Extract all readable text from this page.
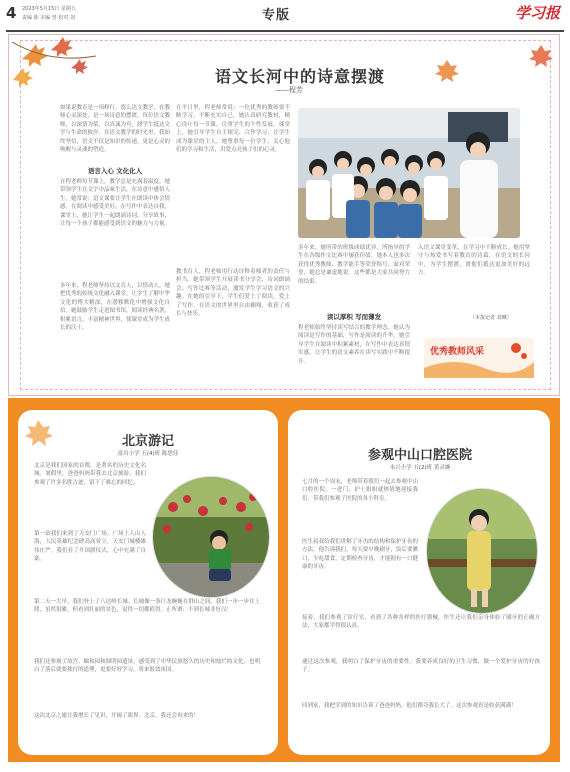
4 2023年5月15日 星期五
责编 陈 美编 曾 校对 刘	专版	学习报
语文长河中的诗意摆渡
——程芳
如果说教育是一项修行，那么语文教学，在教师心灵深处，是一场诗意的摆渡。每位语文教师，以深情为桨，以真诚为舟，渡学生抵达文学与生命的彼岸。在语文教学的时光里，我始终坚信，语文不仅是知识的传递，更是心灵的唤醒与灵魂的塑造。
语言入心 文化化人
在程老师每节课上，教学总是充满着温度。她带领学生在文字中品味生活，在诗意中感悟人生。她常说：语文课要让学生在朗读中体会情感，在阅读中感受美好，在写作中表达自我。课堂上，她让学生一起朗诵诗词、分享故事，让每一个孩子都能感受到语文的魅力与力量。
多年来，程老师坚持以文育人，以情动人。她把优秀的传统文化融入课堂，让学生了解中华文化的博大精深，在潜移默化中增强文化自信。她鼓励学生走进图书馆，阅读经典名著，积累语言，丰富精神世界，使课堂成为学生成长的沃土。
在平日里，程老师常说：一位优秀的教师要不断学习，不断充实自己。她认真研究教材，精心设计每一节课，注重学生的个性发展。课堂上，她引导学生自主探究、合作学习，让学生成为课堂的主人。她尊重每一位学生，关心他们的学习和生活，用爱点亮孩子们的心灵。
教书育人，程老师用行动诠释着师者的责任与担当。她带领学生开展读书分享会、诗词朗诵会、写作比赛等活动，激发学生学习语文的兴趣。在她的引导下，学生们爱上了阅读，爱上了写作，在语文的世界里自由翱翔，收获了成长与快乐。
多年来，她所带的班级成绩优异，所指导的学生在各级作文比赛中屡获佳绩。她本人也多次获得优秀教师、教学能手等荣誉称号。面对荣誉，她总是谦虚地说：这些都是大家共同努力的结果。
读以厚积 写而薄发
程老师始终坚持读写结合的教学理念。她认为阅读是写作的基础，写作是阅读的升华。她引导学生在阅读中积累素材，在写作中表达真情实感，让学生的语文素养在读写实践中不断提升。
入语文课堂变革，在学习中不断成长。她用坚守与热爱书写着教育的诗篇，在语文的长河中，为学生摆渡，渡他们抵达更加美好的远方。
（本报记者 刘琳）
优秀教师风采
北京游记
富川小学 五(4)班 陈思佳
北京是我们国家的首都，是著名的历史文化名城。暑假里，爸爸妈妈带我去北京旅游，我们参观了许多名胜古迹，留下了难忘的回忆。
第一站我们来到了天安门广场。广场上人山人海，人民英雄纪念碑高高耸立，天安门城楼雄伟庄严。我们看了升国旗仪式，心中充满了自豪。
第二天一大早，我们登上了八达岭长城。长城像一条巨龙蜿蜒在群山之间，我们一步一步往上爬，虽然很累，但看到壮丽的景色，觉得一切都值得。正所谓：不到长城非好汉！
我们还参观了故宫、颐和园和圆明园遗址，感受到了中华民族悠久的历史和灿烂的文化，也明白了落后就要挨打的道理，更要好好学习，将来报效祖国。
这次北京之旅让我增长了见识，开阔了眼界。北京，我还会再来的！
参观中山口腔医院
永兴小学 五(2)班 黄灵婉
七月的一个周末，老师带着我们一起去参观中山口腔医院。一进门，护士姐姐就热情地迎接我们，带我们参观了医院的各个科室。
医生叔叔给我们讲解了牙齿的结构和保护牙齿的方法。他告诉我们，每天要早晚刷牙，饭后要漱口，少吃甜食，定期检查牙齿，才能拥有一口健康的牙齿。
接着，我们参观了诊疗室，看到了各种各样的医疗器械。医生还让我们亲身体验了刷牙的正确方法，大家都学得很认真。
通过这次参观，我明白了保护牙齿的重要性。我要养成良好的卫生习惯，做一个爱护牙齿的好孩子。
回到家，我把学到的知识告诉了爸爸妈妈，他们都夸我长大了。这次参观真是收获满满！
